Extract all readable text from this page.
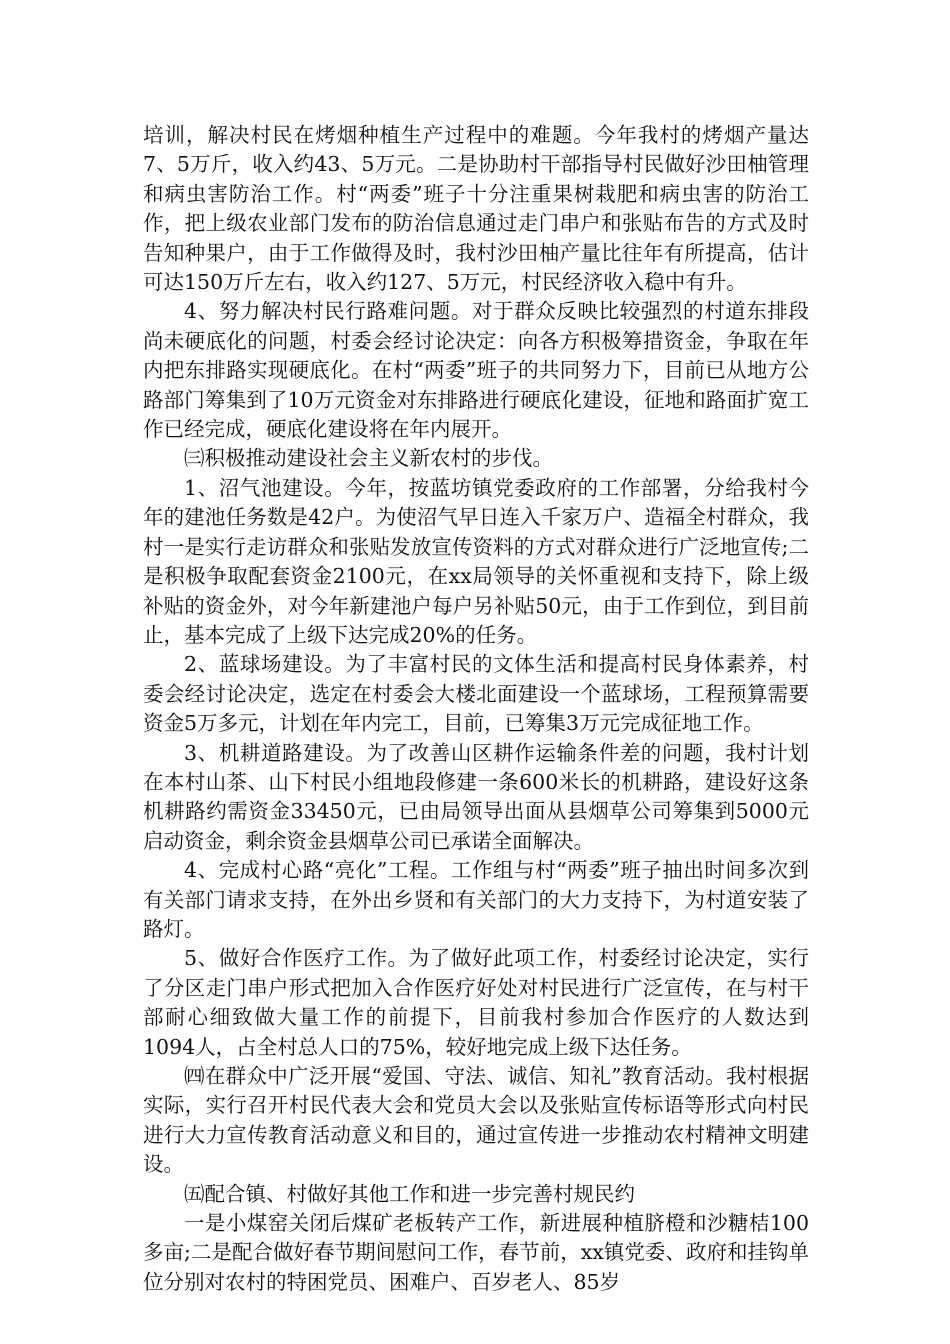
培训，解决村民在烤烟种植生产过程中的难题。今年我村的烤烟产量达7、5万斤，收入约43、5万元。二是协助村干部指导村民做好沙田柚管理和病虫害防治工作。村“两委”班子十分注重果树栽肥和病虫害的防治工作，把上级农业部门发布的防治信息通过走门串户和张贴布告的方式及时告知种果户，由于工作做得及时，我村沙田柚产量比往年有所提高，估计可达150万斤左右，收入约127、5万元，村民经济收入稳中有升。

4、努力解决村民行路难问题。对于群众反映比较强烈的村道东排段尚未硬底化的问题，村委会经讨论决定：向各方积极筹措资金，争取在年内把东排路实现硬底化。在村“两委”班子的共同努力下，目前已从地方公路部门筹集到了10万元资金对东排路进行硬底化建设，征地和路面扩宽工作已经完成，硬底化建设将在年内展开。

㈢积极推动建设社会主义新农村的步伐。

1、沼气池建设。今年，按蓝坊镇党委政府的工作部署，分给我村今年的建池任务数是42户。为使沼气早日连入千家万户、造福全村群众，我村一是实行走访群众和张贴发放宣传资料的方式对群众进行广泛地宣传;二是积极争取配套资金2100元，在xx局领导的关怀重视和支持下，除上级补贴的资金外，对今年新建池户每户另补贴50元，由于工作到位，到目前止，基本完成了上级下达完成20%的任务。

2、蓝球场建设。为了丰富村民的文体生活和提高村民身体素养，村委会经讨论决定，选定在村委会大楼北面建设一个蓝球场，工程预算需要资金5万多元，计划在年内完工，目前，已筹集3万元完成征地工作。

3、机耕道路建设。为了改善山区耕作运输条件差的问题，我村计划在本村山茶、山下村民小组地段修建一条600米长的机耕路，建设好这条机耕路约需资金33450元，已由局领导出面从县烟草公司筹集到5000元启动资金，剩余资金县烟草公司已承诺全面解决。

4、完成村心路“亮化”工程。工作组与村“两委”班子抽出时间多次到有关部门请求支持，在外出乡贤和有关部门的大力支持下，为村道安装了路灯。

5、做好合作医疗工作。为了做好此项工作，村委经讨论决定，实行了分区走门串户形式把加入合作医疗好处对村民进行广泛宣传，在与村干部耐心细致做大量工作的前提下，目前我村参加合作医疗的人数达到1094人，占全村总人口的75%，较好地完成上级下达任务。

㈣在群众中广泛开展“爱国、守法、诚信、知礼”教育活动。我村根据实际，实行召开村民代表大会和党员大会以及张贴宣传标语等形式向村民进行大力宣传教育活动意义和目的，通过宣传进一步推动农村精神文明建设。

㈤配合镇、村做好其他工作和进一步完善村规民约

一是小煤窑关闭后煤矿老板转产工作，新进展种植脐橙和沙糖桔100多亩;二是配合做好春节期间慰问工作，春节前，xx镇党委、政府和挂钩单位分别对农村的特困党员、困难户、百岁老人、85岁
